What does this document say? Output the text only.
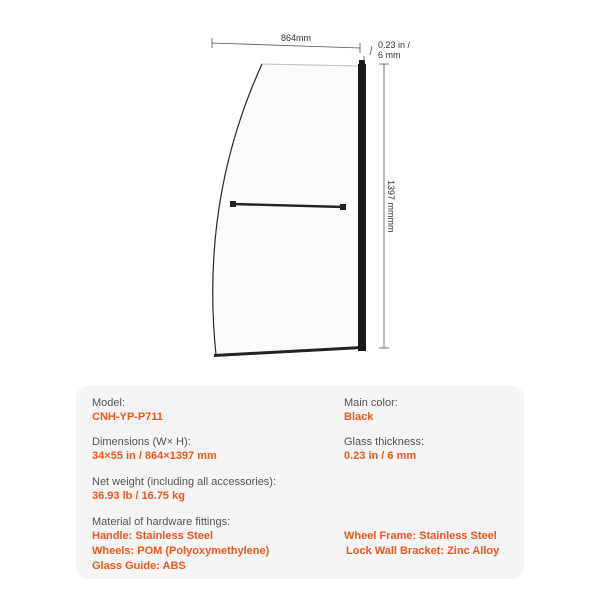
864mm
0.23 in /
6 mm
1397 mmmm
Model:
CNH-YP-P711
Main color:
Black
Dimensions (W× H):
34×55 in / 864×1397 mm
Glass thickness:
0.23 in / 6 mm
Net weight (including all accessories):
36.93 lb / 16.75 kg
Material of hardware fittings:
Handle: Stainless Steel
Wheels: POM (Polyoxymethylene)
Glass Guide: ABS
Wheel Frame: Stainless Steel
Lock Wall Bracket: Zinc Alloy
